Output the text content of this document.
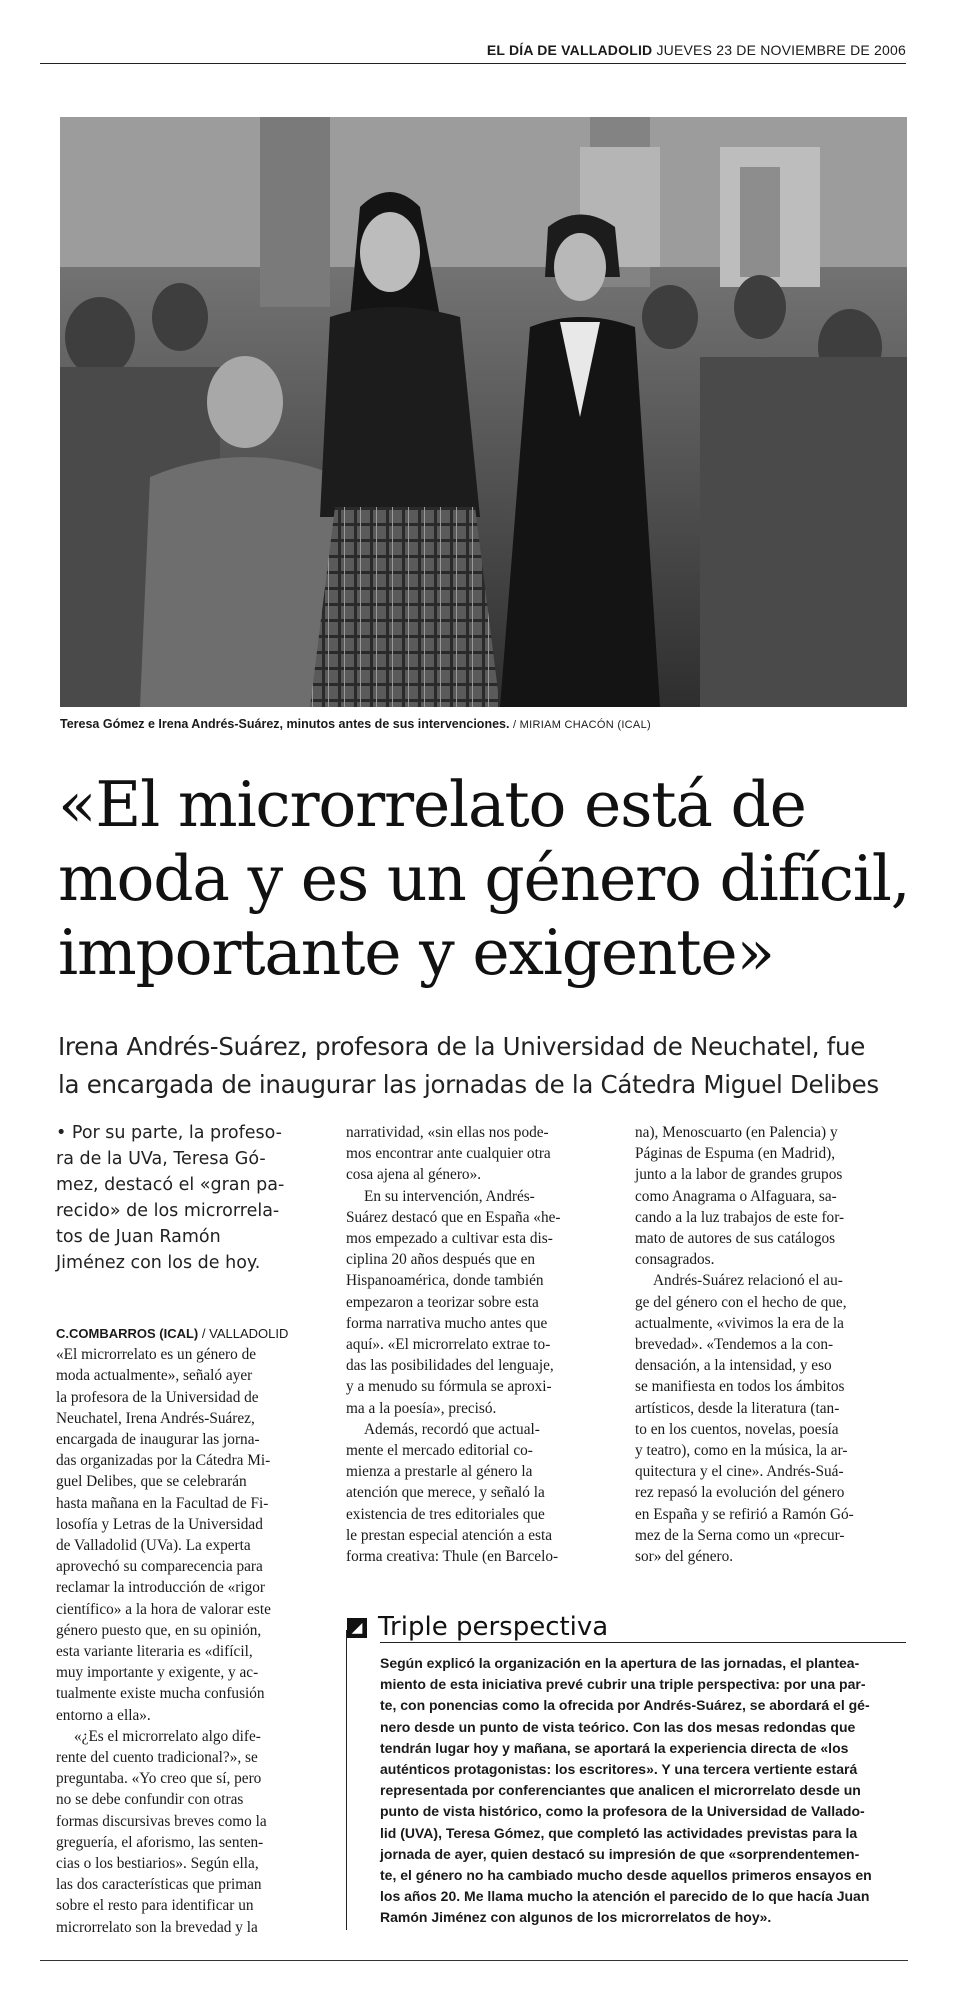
EL DÍA DE VALLADOLID JUEVES 23 DE NOVIEMBRE DE 2006
Teresa Gómez e Irena Andrés-Suárez, minutos antes de sus intervenciones. / MIRIAM CHACÓN (ICAL)
«El microrrelato está de
moda y es un género difícil,
importante y exigente»
Irena Andrés-Suárez, profesora de la Universidad de Neuchatel, fue
la encargada de inaugurar las jornadas de la Cátedra Miguel Delibes
• Por su parte, la profeso-
ra de la UVa, Teresa Gó-
mez, destacó el «gran pa-
recido» de los microrrela-
tos de Juan Ramón
Jiménez con los de hoy.
C.COMBARROS (ICAL) / VALLADOLID
«El microrrelato es un género de
moda actualmente», señaló ayer
la profesora de la Universidad de
Neuchatel, Irena Andrés-Suárez,
encargada de inaugurar las jorna-
das organizadas por la Cátedra Mi-
guel Delibes, que se celebrarán
hasta mañana en la Facultad de Fi-
losofía y Letras de la Universidad
de Valladolid (UVa). La experta
aprovechó su comparecencia para
reclamar la introducción de «rigor
científico» a la hora de valorar este
género puesto que, en su opinión,
esta variante literaria es «difícil,
muy importante y exigente, y ac-
tualmente existe mucha confusión
entorno a ella».
«¿Es el microrrelato algo dife-
rente del cuento tradicional?», se
preguntaba. «Yo creo que sí, pero
no se debe confundir con otras
formas discursivas breves como la
greguería, el aforismo, las senten-
cias o los bestiarios». Según ella,
las dos características que priman
sobre el resto para identificar un
microrrelato son la brevedad y la
narratividad, «sin ellas nos pode-
mos encontrar ante cualquier otra
cosa ajena al género».
En su intervención, Andrés-
Suárez destacó que en España «he-
mos empezado a cultivar esta dis-
ciplina 20 años después que en
Hispanoamérica, donde también
empezaron a teorizar sobre esta
forma narrativa mucho antes que
aquí». «El microrrelato extrae to-
das las posibilidades del lenguaje,
y a menudo su fórmula se aproxi-
ma a la poesía», precisó.
Además, recordó que actual-
mente el mercado editorial co-
mienza a prestarle al género la
atención que merece, y señaló la
existencia de tres editoriales que
le prestan especial atención a esta
forma creativa: Thule (en Barcelo-
na), Menoscuarto (en Palencia) y
Páginas de Espuma (en Madrid),
junto a la labor de grandes grupos
como Anagrama o Alfaguara, sa-
cando a la luz trabajos de este for-
mato de autores de sus catálogos
consagrados.
Andrés-Suárez relacionó el au-
ge del género con el hecho de que,
actualmente, «vivimos la era de la
brevedad». «Tendemos a la con-
densación, a la intensidad, y eso
se manifiesta en todos los ámbitos
artísticos, desde la literatura (tan-
to en los cuentos, novelas, poesía
y teatro), como en la música, la ar-
quitectura y el cine». Andrés-Suá-
rez repasó la evolución del género
en España y se refirió a Ramón Gó-
mez de la Serna como un «precur-
sor» del género.
◢ Triple perspectiva
Según explicó la organización en la apertura de las jornadas, el plantea-
miento de esta iniciativa prevé cubrir una triple perspectiva: por una par-
te, con ponencias como la ofrecida por Andrés-Suárez, se abordará el gé-
nero desde un punto de vista teórico. Con las dos mesas redondas que
tendrán lugar hoy y mañana, se aportará la experiencia directa de «los
auténticos protagonistas: los escritores». Y una tercera vertiente estará
representada por conferenciantes que analicen el microrrelato desde un
punto de vista histórico, como la profesora de la Universidad de Vallado-
lid (UVA), Teresa Gómez, que completó las actividades previstas para la
jornada de ayer, quien destacó su impresión de que «sorprendentemen-
te, el género no ha cambiado mucho desde aquellos primeros ensayos en
los años 20. Me llama mucho la atención el parecido de lo que hacía Juan
Ramón Jiménez con algunos de los microrrelatos de hoy».
